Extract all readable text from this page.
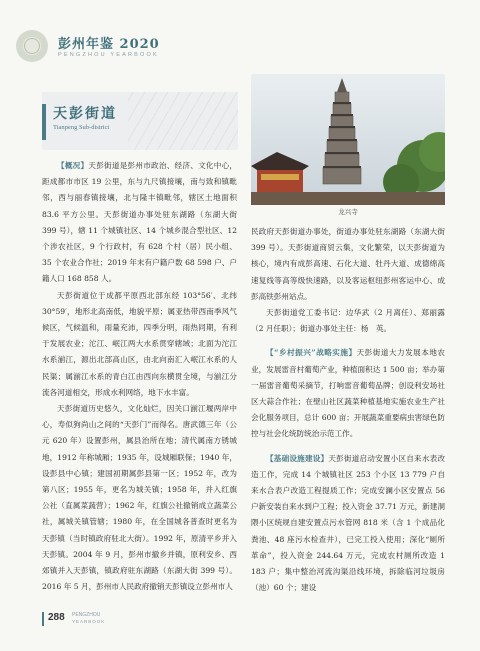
彭州年鉴 2020
PENGZHOU YEARBOOK
天彭街道
Tianpeng Sub-district

【概况】天彭街道是彭州市政治、经济、文化中心，距成都市市区 19 公里，东与九尺镇接壤，南与致和镇毗邻，西与丽春镇接壤，北与隆丰镇毗邻，辖区土地面积 83.6 平方公里。天彭街道办事处驻东湖路（东湖大街 399 号），辖 11 个城镇社区、14 个城乡混合型社区、12 个涉农社区，9 个行政村，有 628 个村（居）民小组、35 个农业合作社；2019 年末有户籍户数 68 598 户、户籍人口 168 858 人。

天彭街道位于成都平原西北部东经 103°56′、北纬 30°59′，地形北高南低，地貌平原；属亚热带西南季风气候区，气候温和，雨量充沛，四季分明，雨热同期，有利于发展农业；沱江、岷江两大水系贯穿辖域；北面为沱江水系湔江，源出北部高山区，由北向南汇入岷江水系的人民渠；属湔江水系的青白江由西向东横贯全境，与湔江分流各河道相交，形成水利网络，地下水丰富。

天彭街道历史悠久，文化灿烂，因关口湔江堰两岸中心，寿似狗尚山之间的“天彭门”而得名。唐武德三年（公元 620 年）设置彭州，属县治所在地；清代属南方锈城地，1912 年称城厢；1935 年，设城厢联保；1940 年，设彭县中心镇；建国初期属彭县第一区；1952 年，改为第八区；1955 年，更名为城关镇；1958 年，并入红旗公社（直属菜蔬营）；1962 年，红旗公社撤销成立蔬菜公社，属城关镇管辖；1980 年，在全国城各普查时更名为天彭镇（当时镇政府驻北大街）。1992 年，原清平乡并入天彭镇。2004 年 9 月，彭州市撤乡并镇，原利安乡、西郊镇并入天彭镇，镇政府驻东湖路（东湖大街 399 号）。2016 年 5 月，彭州市人民政府撤销天彭镇设立彭州市人

龙兴寺

民政府天彭街道办事处，街道办事处驻东湖路（东湖大街 399 号）。天彭街道商贸云集，文化繁荣，以天彭街道为核心，境内有成彭高速、石化大道、牡丹大道、成德绵高速复线等高等级快速路，以及客运枢纽彭州客运中心、成彭高铁彭州站点。

天彭街道党工委书记：边华武（2 月离任）、郑丽露（2 月任职）；街道办事处主任：杨　英。

【“乡村振兴”战略实施】天彭街道大力发展本地农业，发展雷音村葡萄产业，种植面积达 1 500 亩；举办第一届雷音葡萄采摘节，打响雷音葡萄品牌；创设利安场社区大蒜合作社；在壁山社区蔬菜种植基地实施农业生产社会化服务项目，总计 600 亩；开展蔬菜重要病虫害绿色防控与社会化统防统治示范工作。

【基础设施建设】天彭街道启动安置小区自来水表改造工作，完成 14 个城镇社区 253 个小区 13 779 户自来水合表户改造工程提质工作；完成安澜小区安置点 56 户新安装自来水到户工程；投入资金 37.71 万元，新建洞隈小区统规自建安置点污水管网 818 米（含 1 个成品化粪池、48 座污水检查井），已完工投入使用；深化“厕所革命”，投入资金 244.64 万元，完成农村厕所改造 1 183 户；集中整治河流沟渠沿线环境，拆除临河垃圾房（池）60 个；建设

288 PENGZHOU
YEARBOOK
